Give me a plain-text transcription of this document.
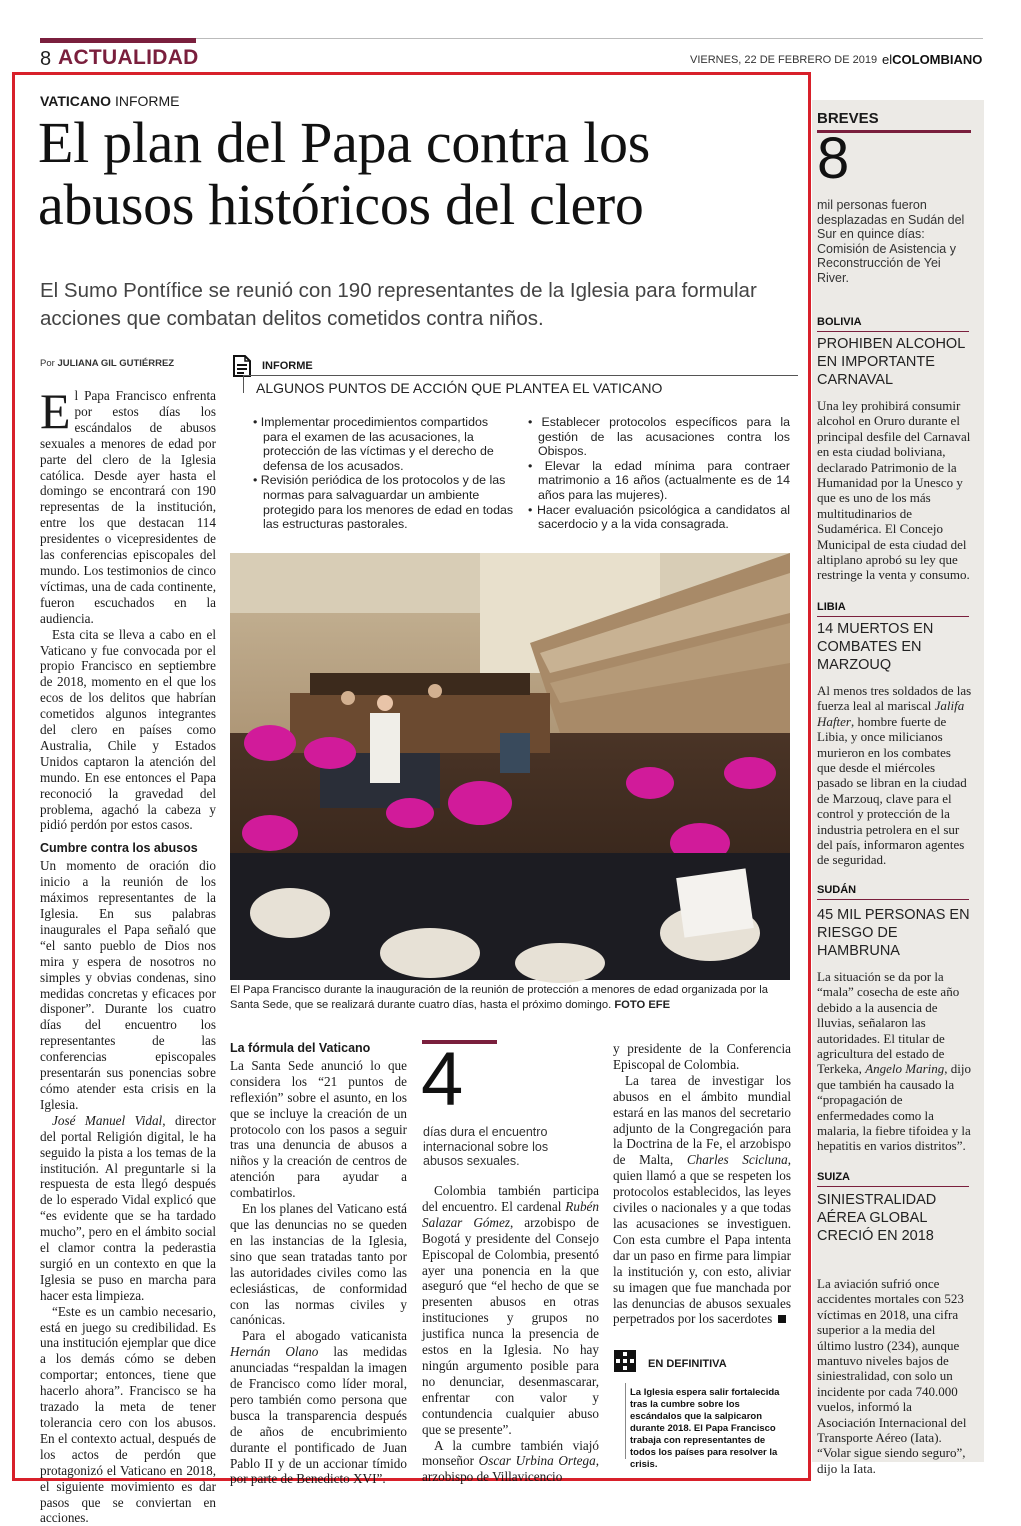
8 ACTUALIDAD	VIERNES, 22 DE FEBRERO DE 2019 elCOLOMBIANO
VATICANO INFORME
El plan del Papa contra los abusos históricos del clero
El Sumo Pontífice se reunió con 190 representantes de la Iglesia para formular acciones que combatan delitos cometidos contra niños.
Por JULIANA GIL GUTIÉRREZ

El Papa Francisco enfrenta por estos días los escándalos de abusos sexuales a menores de edad por parte del clero de la Iglesia católica. Desde ayer hasta el domingo se encontrará con 190 representas de la institución, entre los que destacan 114 presidentes o vicepresidentes de las conferencias episcopales del mundo. Los testimonios de cinco víctimas, una de cada continente, fueron escuchados en la audiencia.

Esta cita se lleva a cabo en el Vaticano y fue convocada por el propio Francisco en septiembre de 2018, momento en el que los ecos de los delitos que habrían cometidos algunos integrantes del clero en países como Australia, Chile y Estados Unidos captaron la atención del mundo. En ese entonces el Papa reconoció la gravedad del problema, agachó la cabeza y pidió perdón por estos casos.

Cumbre contra los abusos

Un momento de oración dio inicio a la reunión de los máximos representantes de la Iglesia. En sus palabras inaugurales el Papa señaló que “el santo pueblo de Dios nos mira y espera de nosotros no simples y obvias condenas, sino medidas concretas y eficaces por disponer”. Durante los cuatro días del encuentro los representantes de las conferencias episcopales presentarán sus ponencias sobre cómo atender esta crisis en la Iglesia.

José Manuel Vidal, director del portal Religión digital, le ha seguido la pista a los temas de la institución. Al preguntarle si la respuesta de esta llegó después de lo esperado Vidal explicó que “es evidente que se ha tardado mucho”, pero en el ámbito social el clamor contra la pederastia surgió en un contexto en que la Iglesia se puso en marcha para hacer esta limpieza.

“Este es un cambio necesario, está en juego su credibilidad. Es una institución ejemplar que dice a los demás cómo se deben comportar; entonces, tiene que hacerlo ahora”. Francisco se ha trazado la meta de tener tolerancia cero con los abusos. En el contexto actual, después de los actos de perdón que protagonizó el Vaticano en 2018, el siguiente movimiento es dar pasos que se conviertan en acciones.

INFORME
ALGUNOS PUNTOS DE ACCIÓN QUE PLANTEA EL VATICANO
• Implementar procedimientos compartidos para el examen de las acusaciones, la protección de las víctimas y el derecho de defensa de los acusados.
• Revisión periódica de los protocolos y de las normas para salvaguardar un ambiente protegido para los menores de edad en todas las estructuras pastorales.
• Establecer protocolos específicos para la gestión de las acusaciones contra los Obispos.
• Elevar la edad mínima para contraer matrimonio a 16 años (actualmente es de 14 años para las mujeres).
• Hacer evaluación psicológica a candidatos al sacerdocio y a la vida consagrada.
El Papa Francisco durante la inauguración de la reunión de protección a menores de edad organizada por la Santa Sede, que se realizará durante cuatro días, hasta el próximo domingo. FOTO EFE
La fórmula del Vaticano

La Santa Sede anunció lo que considera los “21 puntos de reflexión” sobre el asunto, en los que se incluye la creación de un protocolo con los pasos a seguir tras una denuncia de abusos a niños y la creación de centros de atención para ayudar a combatirlos.

En los planes del Vaticano está que las denuncias no se queden en las instancias de la Iglesia, sino que sean tratadas tanto por las autoridades civiles como las eclesiásticas, de conformidad con las normas civiles y canónicas.

Para el abogado vaticanista Hernán Olano las medidas anunciadas “respaldan la imagen de Francisco como líder moral, pero también como persona que busca la transparencia después de años de encubrimiento durante el pontificado de Juan Pablo II y de un accionar tímido por parte de Benedicto XVI”.

4
días dura el encuentro internacional sobre los abusos sexuales.

Colombia también participa del encuentro. El cardenal Rubén Salazar Gómez, arzobispo de Bogotá y presidente del Consejo Episcopal de Colombia, presentó ayer una ponencia en la que aseguró que “el hecho de que se presenten abusos en otras instituciones y grupos no justifica nunca la presencia de estos en la Iglesia. No hay ningún argumento posible para no denunciar, desenmascarar, enfrentar con valor y contundencia cualquier abuso que se presente”.

A la cumbre también viajó monseñor Oscar Urbina Ortega, arzobispo de Villavicencio

y presidente de la Conferencia Episcopal de Colombia.

La tarea de investigar los abusos en el ámbito mundial estará en las manos del secretario adjunto de la Congregación para la Doctrina de la Fe, el arzobispo de Malta, Charles Scicluna, quien llamó a que se respeten los protocolos establecidos, las leyes civiles o nacionales y a que todas las acusaciones se investiguen. Con esta cumbre el Papa intenta dar un paso en firme para limpiar la institución y, con esto, aliviar su imagen que fue manchada por las denuncias de abusos sexuales perpetrados por los sacerdotes

EN DEFINITIVA
La Iglesia espera salir fortalecida tras la cumbre sobre los escándalos que la salpicaron durante 2018. El Papa Francisco trabaja con representantes de todos los países para resolver la crisis.
BREVES
8
mil personas fueron desplazadas en Sudán del Sur en quince días: Comisión de Asistencia y Reconstrucción de Yei River.
BOLIVIA
PROHIBEN ALCOHOL EN IMPORTANTE CARNAVAL
Una ley prohibirá consumir alcohol en Oruro durante el principal desfile del Carnaval en esta ciudad boliviana, declarado Patrimonio de la Humanidad por la Unesco y que es uno de los más multitudinarios de Sudamérica. El Concejo Municipal de esta ciudad del altiplano aprobó su ley que restringe la venta y consumo.
LIBIA
14 MUERTOS EN COMBATES EN MARZOUQ
Al menos tres soldados de las fuerza leal al mariscal Jalifa Hafter, hombre fuerte de Libia, y once milicianos murieron en los combates que desde el miércoles pasado se libran en la ciudad de Marzouq, clave para el control y protección de la industria petrolera en el sur del país, informaron agentes de seguridad.
SUDÁN
45 MIL PERSONAS EN RIESGO DE HAMBRUNA
La situación se da por la “mala” cosecha de este año debido a la ausencia de lluvias, señalaron las autoridades. El titular de agricultura del estado de Terkeka, Angelo Maring, dijo que también ha causado la “propagación de enfermedades como la malaria, la fiebre tifoidea y la hepatitis en varios distritos”.
SUIZA
SINIESTRALIDAD AÉREA GLOBAL CRECIÓ EN 2018
La aviación sufrió once accidentes mortales con 523 víctimas en 2018, una cifra superior a la media del último lustro (234), aunque mantuvo niveles bajos de siniestralidad, con solo un incidente por cada 740.000 vuelos, informó la Asociación Internacional del Transporte Aéreo (Iata). “Volar sigue siendo seguro”, dijo la Iata.
